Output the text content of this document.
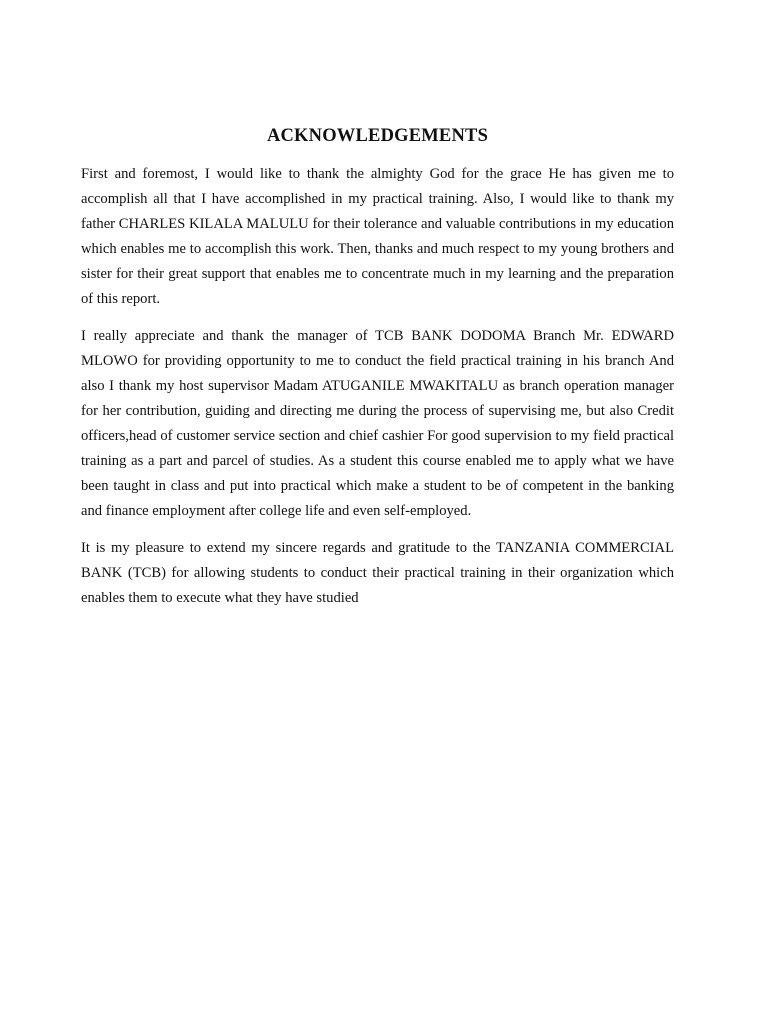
ACKNOWLEDGEMENTS

First and foremost, I would like to thank the almighty God for the grace He has given me to accomplish all that I have accomplished in my practical training. Also, I would like to thank my father CHARLES KILALA MALULU for their tolerance and valuable contributions in my education which enables me to accomplish this work. Then, thanks and much respect to my young brothers and sister for their great support that enables me to concentrate much in my learning and the preparation of this report.

I really appreciate and thank the manager of TCB BANK DODOMA Branch Mr. EDWARD MLOWO for providing opportunity to me to conduct the field practical training in his branch And also I thank my host supervisor Madam ATUGANILE MWAKITALU as branch operation manager for her contribution, guiding and directing me during the process of supervising me, but also Credit officers,head of customer service section and chief cashier For good supervision to my field practical training as a part and parcel of studies. As a student this course enabled me to apply what we have been taught in class and put into practical which make a student to be of competent in the banking and finance employment after college life and even self-employed.

It is my pleasure to extend my sincere regards and gratitude to the TANZANIA COMMERCIAL BANK (TCB) for allowing students to conduct their practical training in their organization which enables them to execute what they have studied
